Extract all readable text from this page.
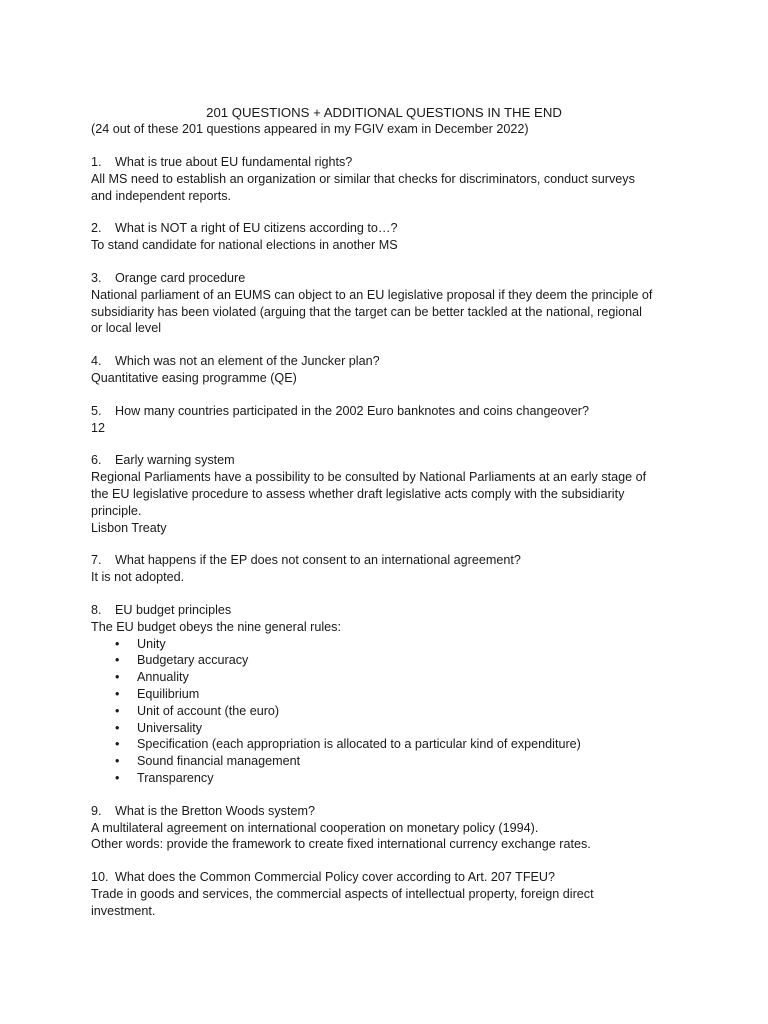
201 QUESTIONS + ADDITIONAL QUESTIONS IN THE END

(24 out of these 201 questions appeared in my FGIV exam in December 2022)

1.	What is true about EU fundamental rights?

All MS need to establish an organization or similar that checks for discriminators, conduct surveys

and independent reports.

2.	What is NOT a right of EU citizens according to…?

To stand candidate for national elections in another MS

3.	Orange card procedure

National parliament of an EUMS can object to an EU legislative proposal if they deem the principle of

subsidiarity has been violated (arguing that the target can be better tackled at the national, regional

or local level

4.	Which was not an element of the Juncker plan?

Quantitative easing programme (QE)

5.	How many countries participated in the 2002 Euro banknotes and coins changeover?

12

6.	Early warning system

Regional Parliaments have a possibility to be consulted by National Parliaments at an early stage of

the EU legislative procedure to assess whether draft legislative acts comply with the subsidiarity

principle.

Lisbon Treaty

7.	What happens if the EP does not consent to an international agreement?

It is not adopted.

8.	EU budget principles

The EU budget obeys the nine general rules:

•	Unity
•	Budgetary accuracy
•	Annuality
•	Equilibrium
•	Unit of account (the euro)
•	Universality
•	Specification (each appropriation is allocated to a particular kind of expenditure)
•	Sound financial management
•	Transparency
9.	What is the Bretton Woods system?

A multilateral agreement on international cooperation on monetary policy (1994).

Other words: provide the framework to create fixed international currency exchange rates.

10. What does the Common Commercial Policy cover according to Art. 207 TFEU?

Trade in goods and services, the commercial aspects of intellectual property, foreign direct

investment.
